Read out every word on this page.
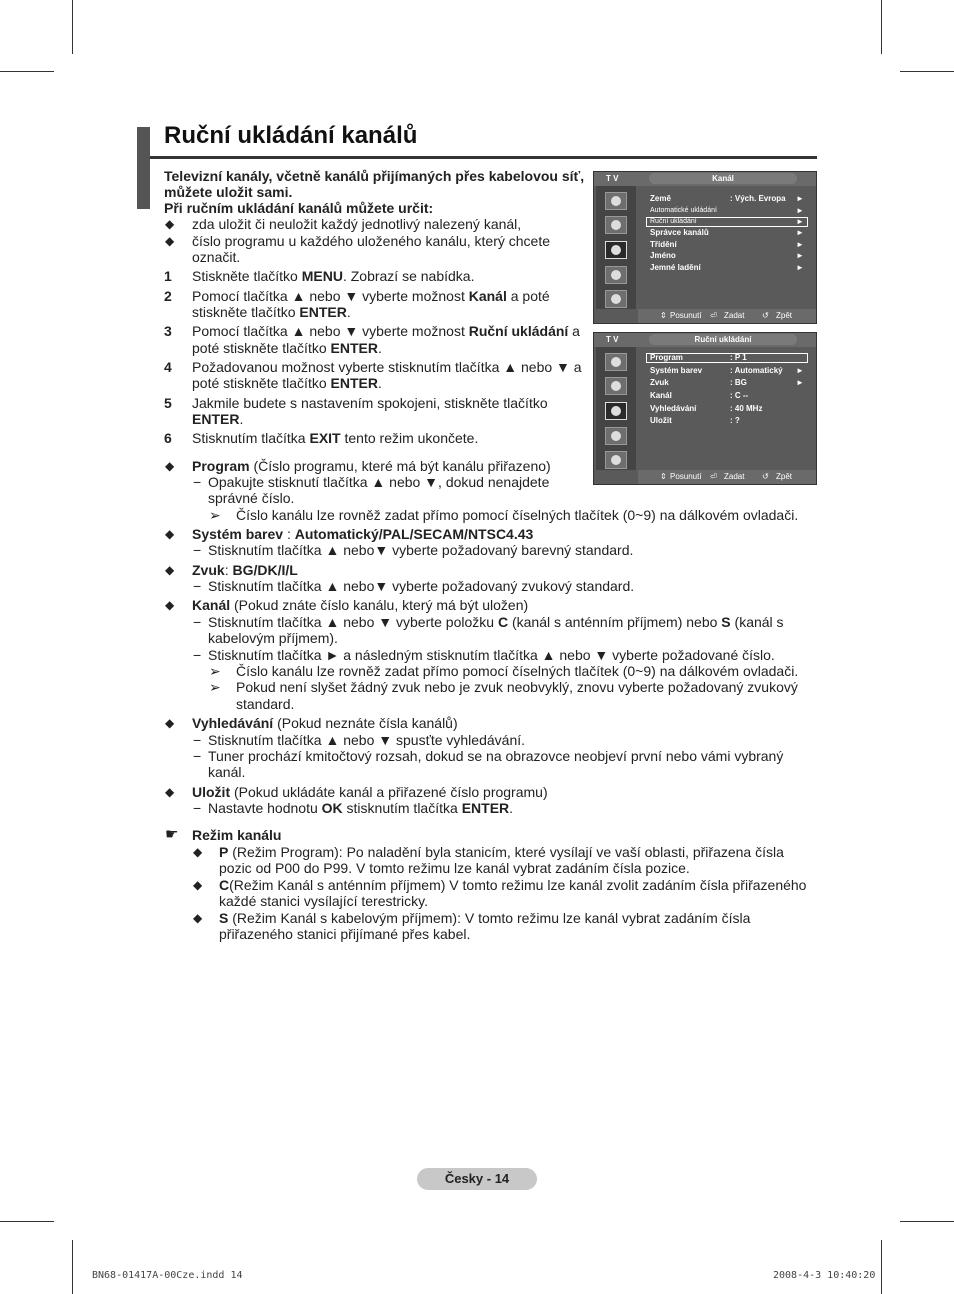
Ruční ukládání kanálů
Televizní kanály, včetně kanálů přijímaných přes kabelovou síť,
můžete uložit sami.
Při ručním ukládání kanálů můžete určit:
◆ zda uložit či neuložit každý jednotlivý nalezený kanál,
◆ číslo programu u každého uloženého kanálu, který chcete
označit.
1 Stiskněte tlačítko MENU. Zobrazí se nabídka.
2 Pomocí tlačítka ▲ nebo ▼ vyberte možnost Kanál a poté
stiskněte tlačítko ENTER.
3 Pomocí tlačítka ▲ nebo ▼ vyberte možnost Ruční ukládání a
poté stiskněte tlačítko ENTER.
4 Požadovanou možnost vyberte stisknutím tlačítka ▲ nebo ▼ a
poté stiskněte tlačítko ENTER.
5 Jakmile budete s nastavením spokojeni, stiskněte tlačítko
ENTER.
6 Stisknutím tlačítka EXIT tento režim ukončete.
◆ Program (Číslo programu, které má být kanálu přiřazeno)
− Opakujte stisknutí tlačítka ▲ nebo ▼, dokud nenajdete
správné číslo.
➢ Číslo kanálu lze rovněž zadat přímo pomocí číselných tlačítek (0~9) na dálkovém ovladači.
◆ Systém barev : Automatický/PAL/SECAM/NTSC4.43
− Stisknutím tlačítka ▲ nebo▼ vyberte požadovaný barevný standard.
◆ Zvuk: BG/DK/I/L
− Stisknutím tlačítka ▲ nebo▼ vyberte požadovaný zvukový standard.
◆ Kanál (Pokud znáte číslo kanálu, který má být uložen)
− Stisknutím tlačítka ▲ nebo ▼ vyberte položku C (kanál s anténním příjmem) nebo S (kanál s
kabelovým příjmem).
− Stisknutím tlačítka ► a následným stisknutím tlačítka ▲ nebo ▼ vyberte požadované číslo.
➢ Číslo kanálu lze rovněž zadat přímo pomocí číselných tlačítek (0~9) na dálkovém ovladači.
➢ Pokud není slyšet žádný zvuk nebo je zvuk neobvyklý, znovu vyberte požadovaný zvukový
standard.
◆ Vyhledávání (Pokud neznáte čísla kanálů)
− Stisknutím tlačítka ▲ nebo ▼ spusťte vyhledávání.
− Tuner prochází kmitočtový rozsah, dokud se na obrazovce neobjeví první nebo vámi vybraný
kanál.
◆ Uložit (Pokud ukládáte kanál a přiřazené číslo programu)
− Nastavte hodnotu OK stisknutím tlačítka ENTER.
☛ Režim kanálu
◆ P (Režim Program): Po naladění byla stanicím, které vysílají ve vaší oblasti, přiřazena čísla
pozic od P00 do P99. V tomto režimu lze kanál vybrat zadáním čísla pozice.
◆ C(Režim Kanál s anténním příjmem) V tomto režimu lze kanál zvolit zadáním čísla přiřazeného
každé stanici vysílající terestricky.
◆ S (Režim Kanál s kabelovým příjmem): V tomto režimu lze kanál vybrat zadáním čísla
přiřazeného stanici přijímané přes kabel.
T V	Kanál
Země	: Vých. Evropa ►
Automatické ukládání	►
Ruční ukládání	►
Správce kanálů	►
Třídění	►
Jméno	►
Jemné ladění	►
⇕ Posunutí ⏎ Zadat ↺ Zpět
T V	Ruční ukládání
Program	: P 1
Systém barev	: Automatický ►
Zvuk	: BG	►
Kanál	: C --
Vyhledávání	: 40 MHz
Uložit	: ?
⇕ Posunutí ⏎ Zadat ↺ Zpět
Česky - 14
BN68-01417A-00Cze.indd 14	2008-4-3 10:40:20
